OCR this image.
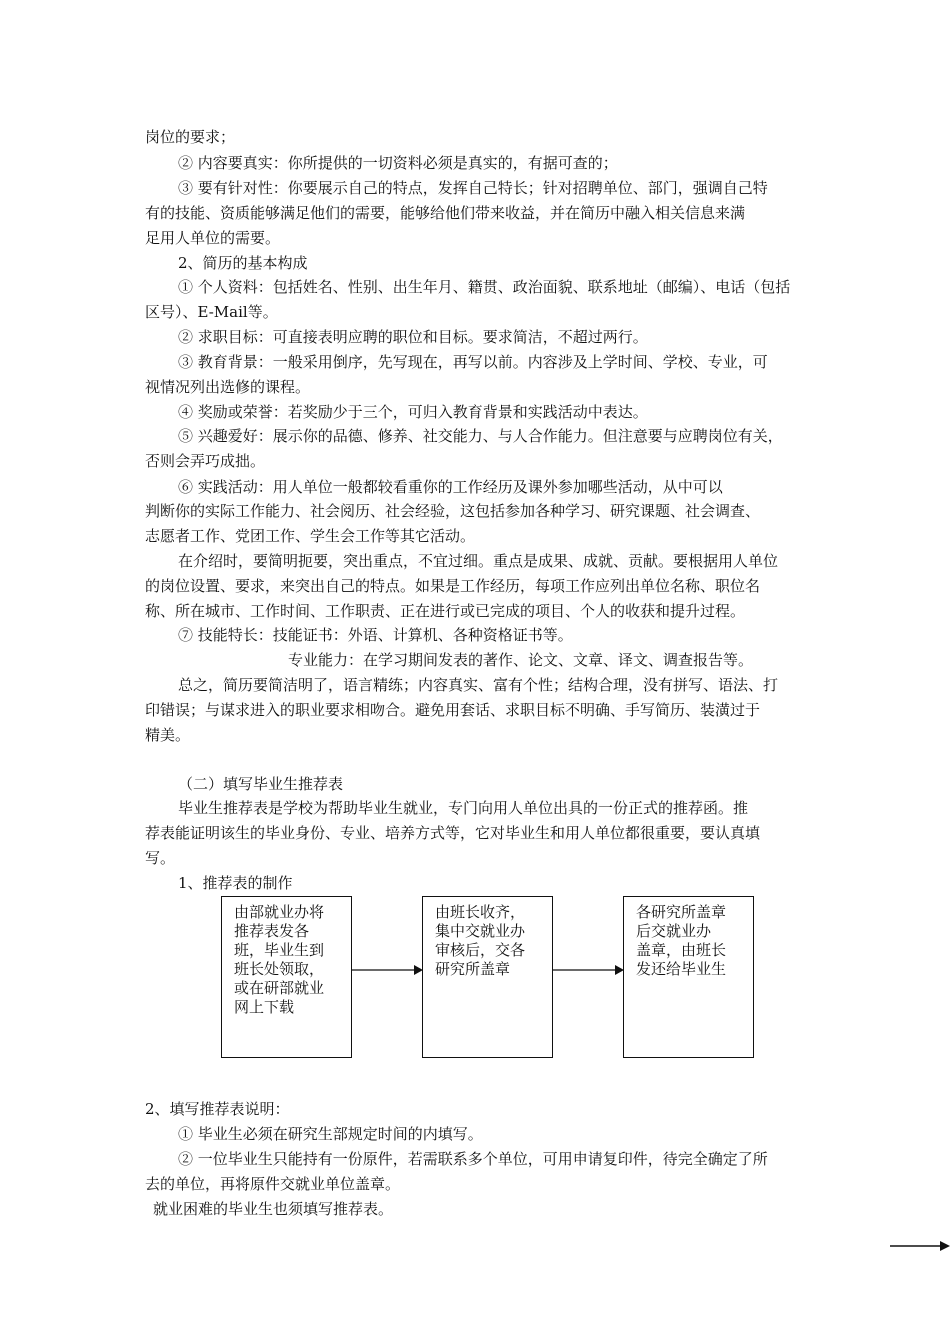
岗位的要求；
② 内容要真实：你所提供的一切资料必须是真实的，有据可查的；
③ 要有针对性：你要展示自己的特点，发挥自己特长；针对招聘单位、部门，强调自己特
有的技能、资质能够满足他们的需要，能够给他们带来收益，并在简历中融入相关信息来满
足用人单位的需要。
2、简历的基本构成
① 个人资料：包括姓名、性别、出生年月、籍贯、政治面貌、联系地址（邮编）、电话（包括
区号）、E-Mail等。
② 求职目标：可直接表明应聘的职位和目标。要求简洁，不超过两行。
③ 教育背景：一般采用倒序，先写现在，再写以前。内容涉及上学时间、学校、专业，可
视情况列出选修的课程。
④ 奖励或荣誉：若奖励少于三个，可归入教育背景和实践活动中表达。
⑤ 兴趣爱好：展示你的品德、修养、社交能力、与人合作能力。但注意要与应聘岗位有关，
否则会弄巧成拙。
⑥ 实践活动：用人单位一般都较看重你的工作经历及课外参加哪些活动，从中可以
判断你的实际工作能力、社会阅历、社会经验，这包括参加各种学习、研究课题、社会调查、
志愿者工作、党团工作、学生会工作等其它活动。
在介绍时，要简明扼要，突出重点，不宜过细。重点是成果、成就、贡献。要根据用人单位
的岗位设置、要求，来突出自己的特点。如果是工作经历，每项工作应列出单位名称、职位名
称、所在城市、工作时间、工作职责、正在进行或已完成的项目、个人的收获和提升过程。
⑦ 技能特长：技能证书：外语、计算机、各种资格证书等。
专业能力：在学习期间发表的著作、论文、文章、译文、调查报告等。
总之，简历要简洁明了，语言精练；内容真实、富有个性；结构合理，没有拼写、语法、打
印错误；与谋求进入的职业要求相吻合。避免用套话、求职目标不明确、手写简历、装潢过于
精美。
（二）填写毕业生推荐表
毕业生推荐表是学校为帮助毕业生就业，专门向用人单位出具的一份正式的推荐函。推
荐表能证明该生的毕业身份、专业、培养方式等，它对毕业生和用人单位都很重要，要认真填
写。
1、推荐表的制作
由部就业办将
推荐表发各
班，毕业生到
班长处领取，
或在研部就业
网上下载
由班长收齐，
集中交就业办
审核后，交各
研究所盖章
各研究所盖章
后交就业办
盖章，由班长
发还给毕业生
2、填写推荐表说明：
① 毕业生必须在研究生部规定时间的内填写。
② 一位毕业生只能持有一份原件，若需联系多个单位，可用申请复印件，待完全确定了所
去的单位，再将原件交就业单位盖章。
就业困难的毕业生也须填写推荐表。
